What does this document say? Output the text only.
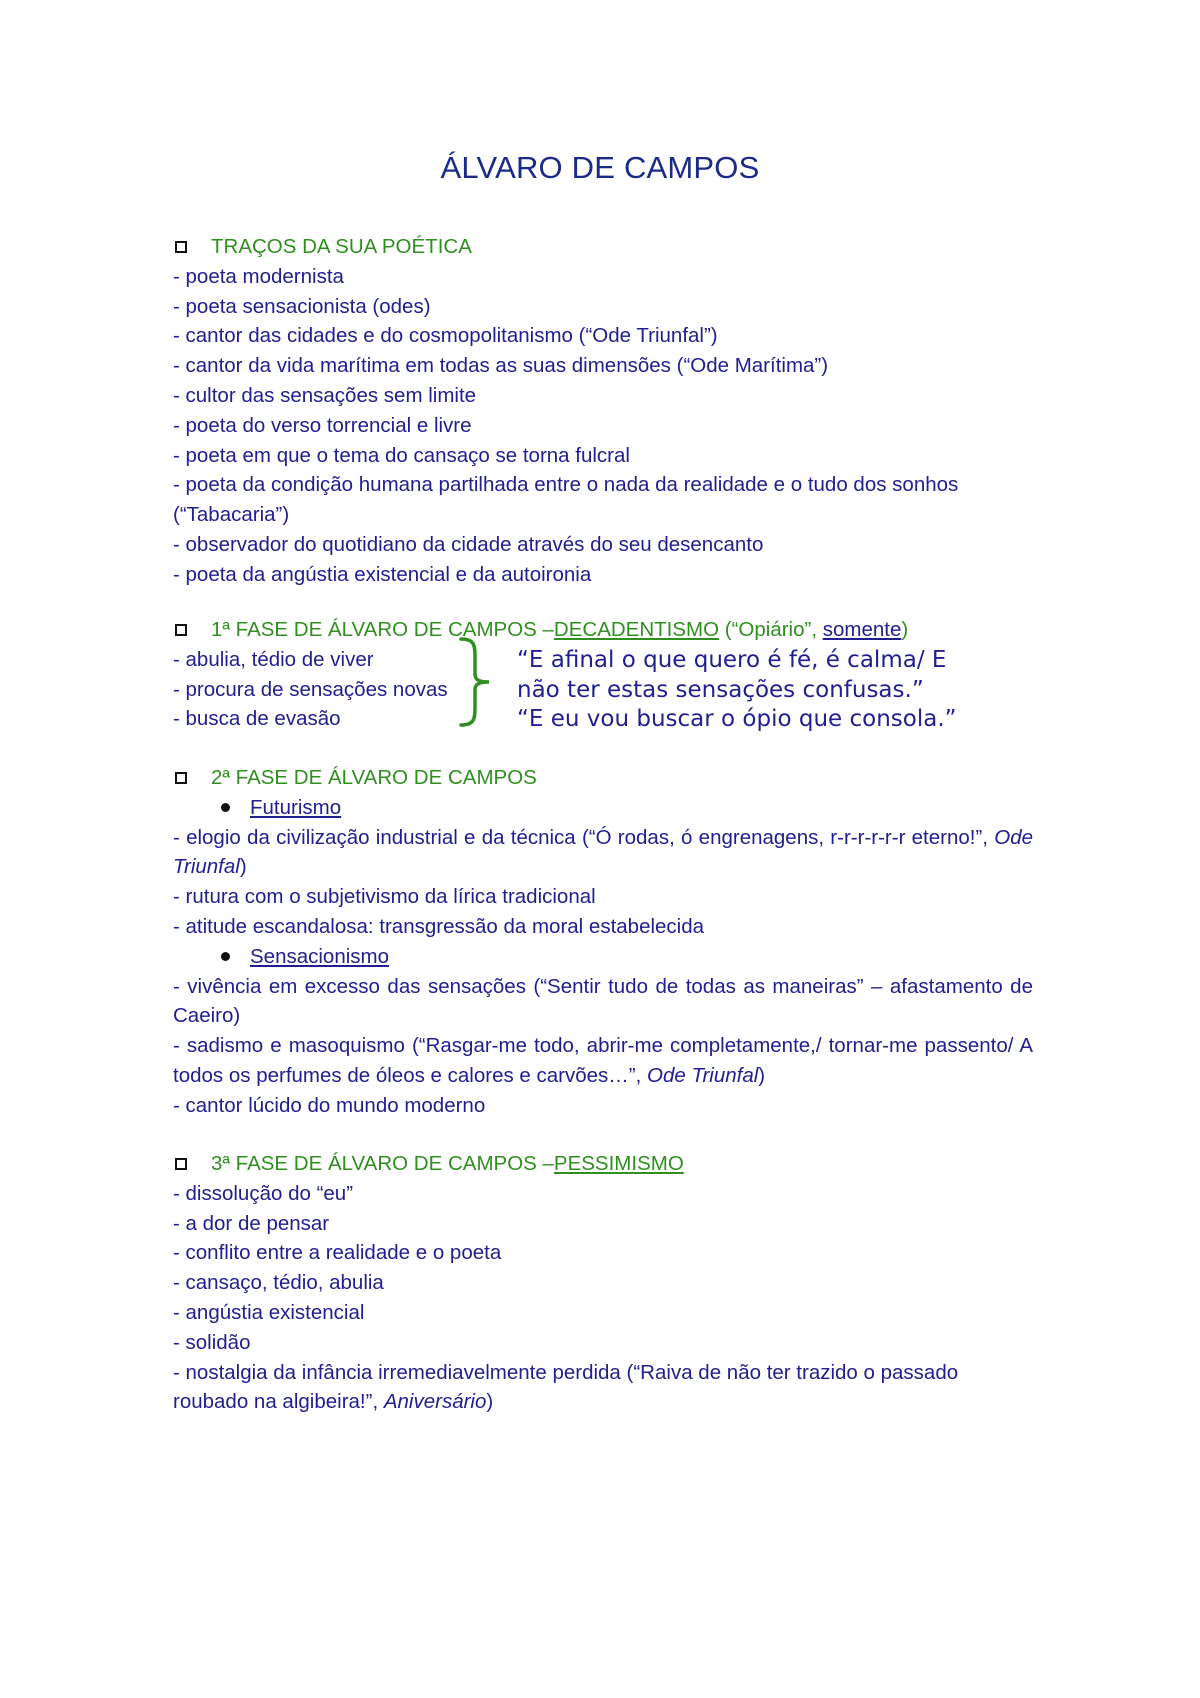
ÁLVARO DE CAMPOS
TRAÇOS DA SUA POÉTICA
- poeta modernista
- poeta sensacionista (odes)
- cantor das cidades e do cosmopolitanismo (“Ode Triunfal”)
- cantor da vida marítima em todas as suas dimensões (“Ode Marítima”)
- cultor das sensações sem limite
- poeta do verso torrencial e livre
- poeta em que o tema do cansaço se torna fulcral
- poeta da condição humana partilhada entre o nada da realidade e o tudo dos sonhos (“Tabacaria”)
- observador do quotidiano da cidade através do seu desencanto
- poeta da angústia existencial e da autoironia
1ª FASE DE ÁLVARO DE CAMPOS – DECADENTISMO (“Opiário”, somente )
- abulia, tédio de viver
- procura de sensações novas
- busca de evasão
“E afinal o que quero é fé, é calma/ E
não ter estas sensações confusas.”
“E eu vou buscar o ópio que consola.”
2ª FASE DE ÁLVARO DE CAMPOS
Futurismo
- elogio da civilização industrial e da técnica (“Ó rodas, ó engrenagens, r-r-r-r-r-r eterno!”, Ode Triunfal)
- rutura com o subjetivismo da lírica tradicional
- atitude escandalosa: transgressão da moral estabelecida
Sensacionismo
- vivência em excesso das sensações (“Sentir tudo de todas as maneiras” – afastamento de Caeiro)
- sadismo e masoquismo (“Rasgar-me todo, abrir-me completamente,/ tornar-me passento/ A todos os perfumes de óleos e calores e carvões…”, Ode Triunfal)
- cantor lúcido do mundo moderno
3ª FASE DE ÁLVARO DE CAMPOS – PESSIMISMO
- dissolução do “eu”
- a dor de pensar
- conflito entre a realidade e o poeta
- cansaço, tédio, abulia
- angústia existencial
- solidão
- nostalgia da infância irremediavelmente perdida (“Raiva de não ter trazido o passado roubado na algibeira!”, Aniversário)
